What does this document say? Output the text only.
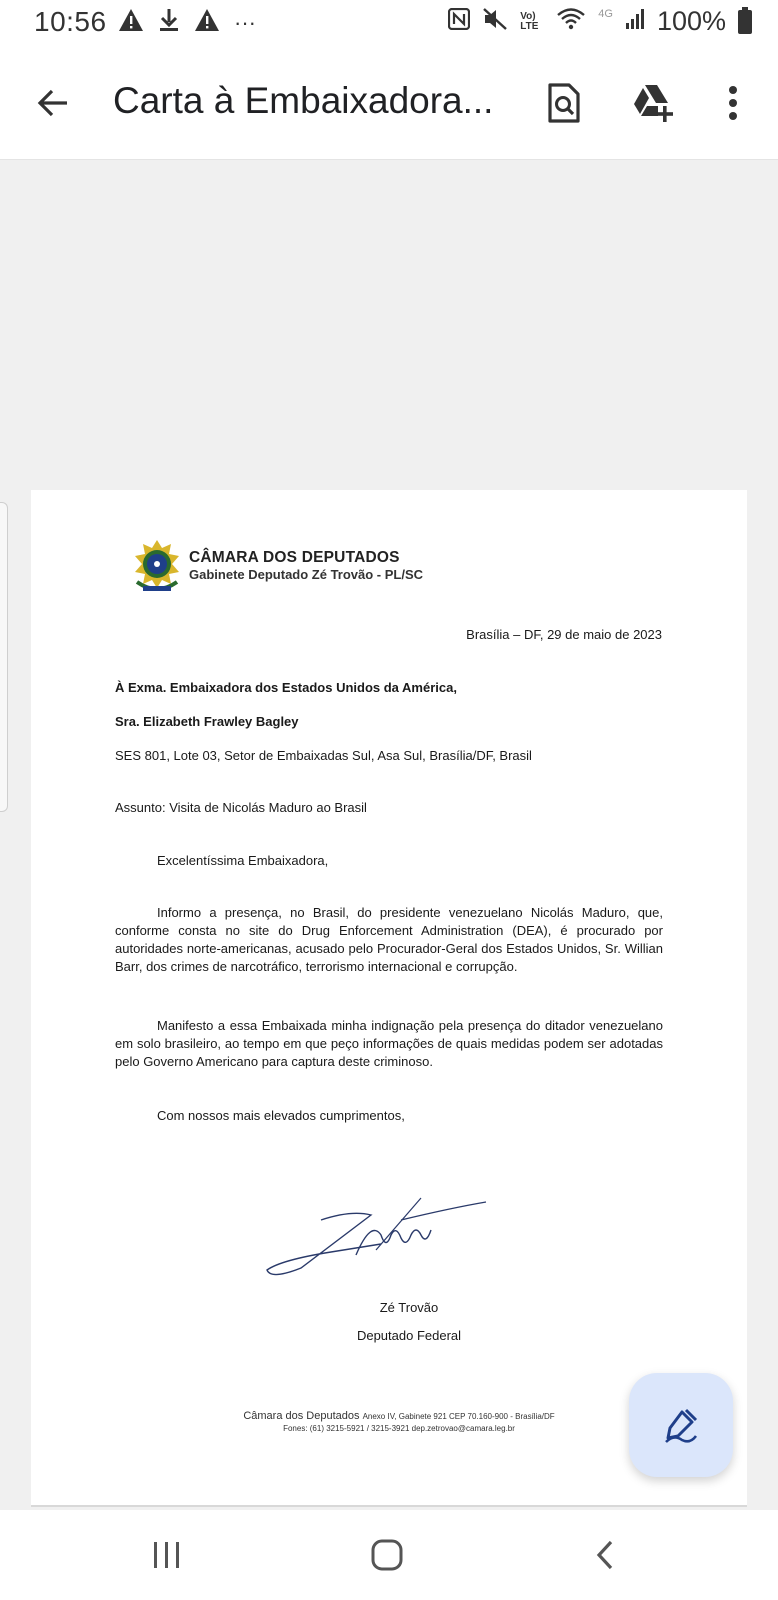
10:56	···	Vo) LTE
4G 100%
Carta à Embaixadora...
CÂMARA DOS DEPUTADOS
Gabinete Deputado Zé Trovão - PL/SC
Brasília – DF, 29 de maio de 2023
À Exma. Embaixadora dos Estados Unidos da América,
Sra. Elizabeth Frawley Bagley
SES 801, Lote 03, Setor de Embaixadas Sul, Asa Sul, Brasília/DF, Brasil
Assunto: Visita de Nicolás Maduro ao Brasil
Excelentíssima Embaixadora,
Informo a presença, no Brasil, do presidente venezuelano Nicolás Maduro, que, conforme consta no site do Drug Enforcement Administration (DEA), é procurado por autoridades norte-americanas, acusado pelo Procurador-Geral dos Estados Unidos, Sr. Willian Barr, dos crimes de narcotráfico, terrorismo internacional e corrupção.
Manifesto a essa Embaixada minha indignação pela presença do ditador venezuelano em solo brasileiro, ao tempo em que peço informações de quais medidas podem ser adotadas pelo Governo Americano para captura deste criminoso.
Com nossos mais elevados cumprimentos,
Zé Trovão
Deputado Federal
Câmara dos Deputados Anexo IV, Gabinete 921 CEP 70.160-900 - Brasília/DF
Fones: (61) 3215-5921 / 3215-3921 dep.zetrovao@camara.leg.br
